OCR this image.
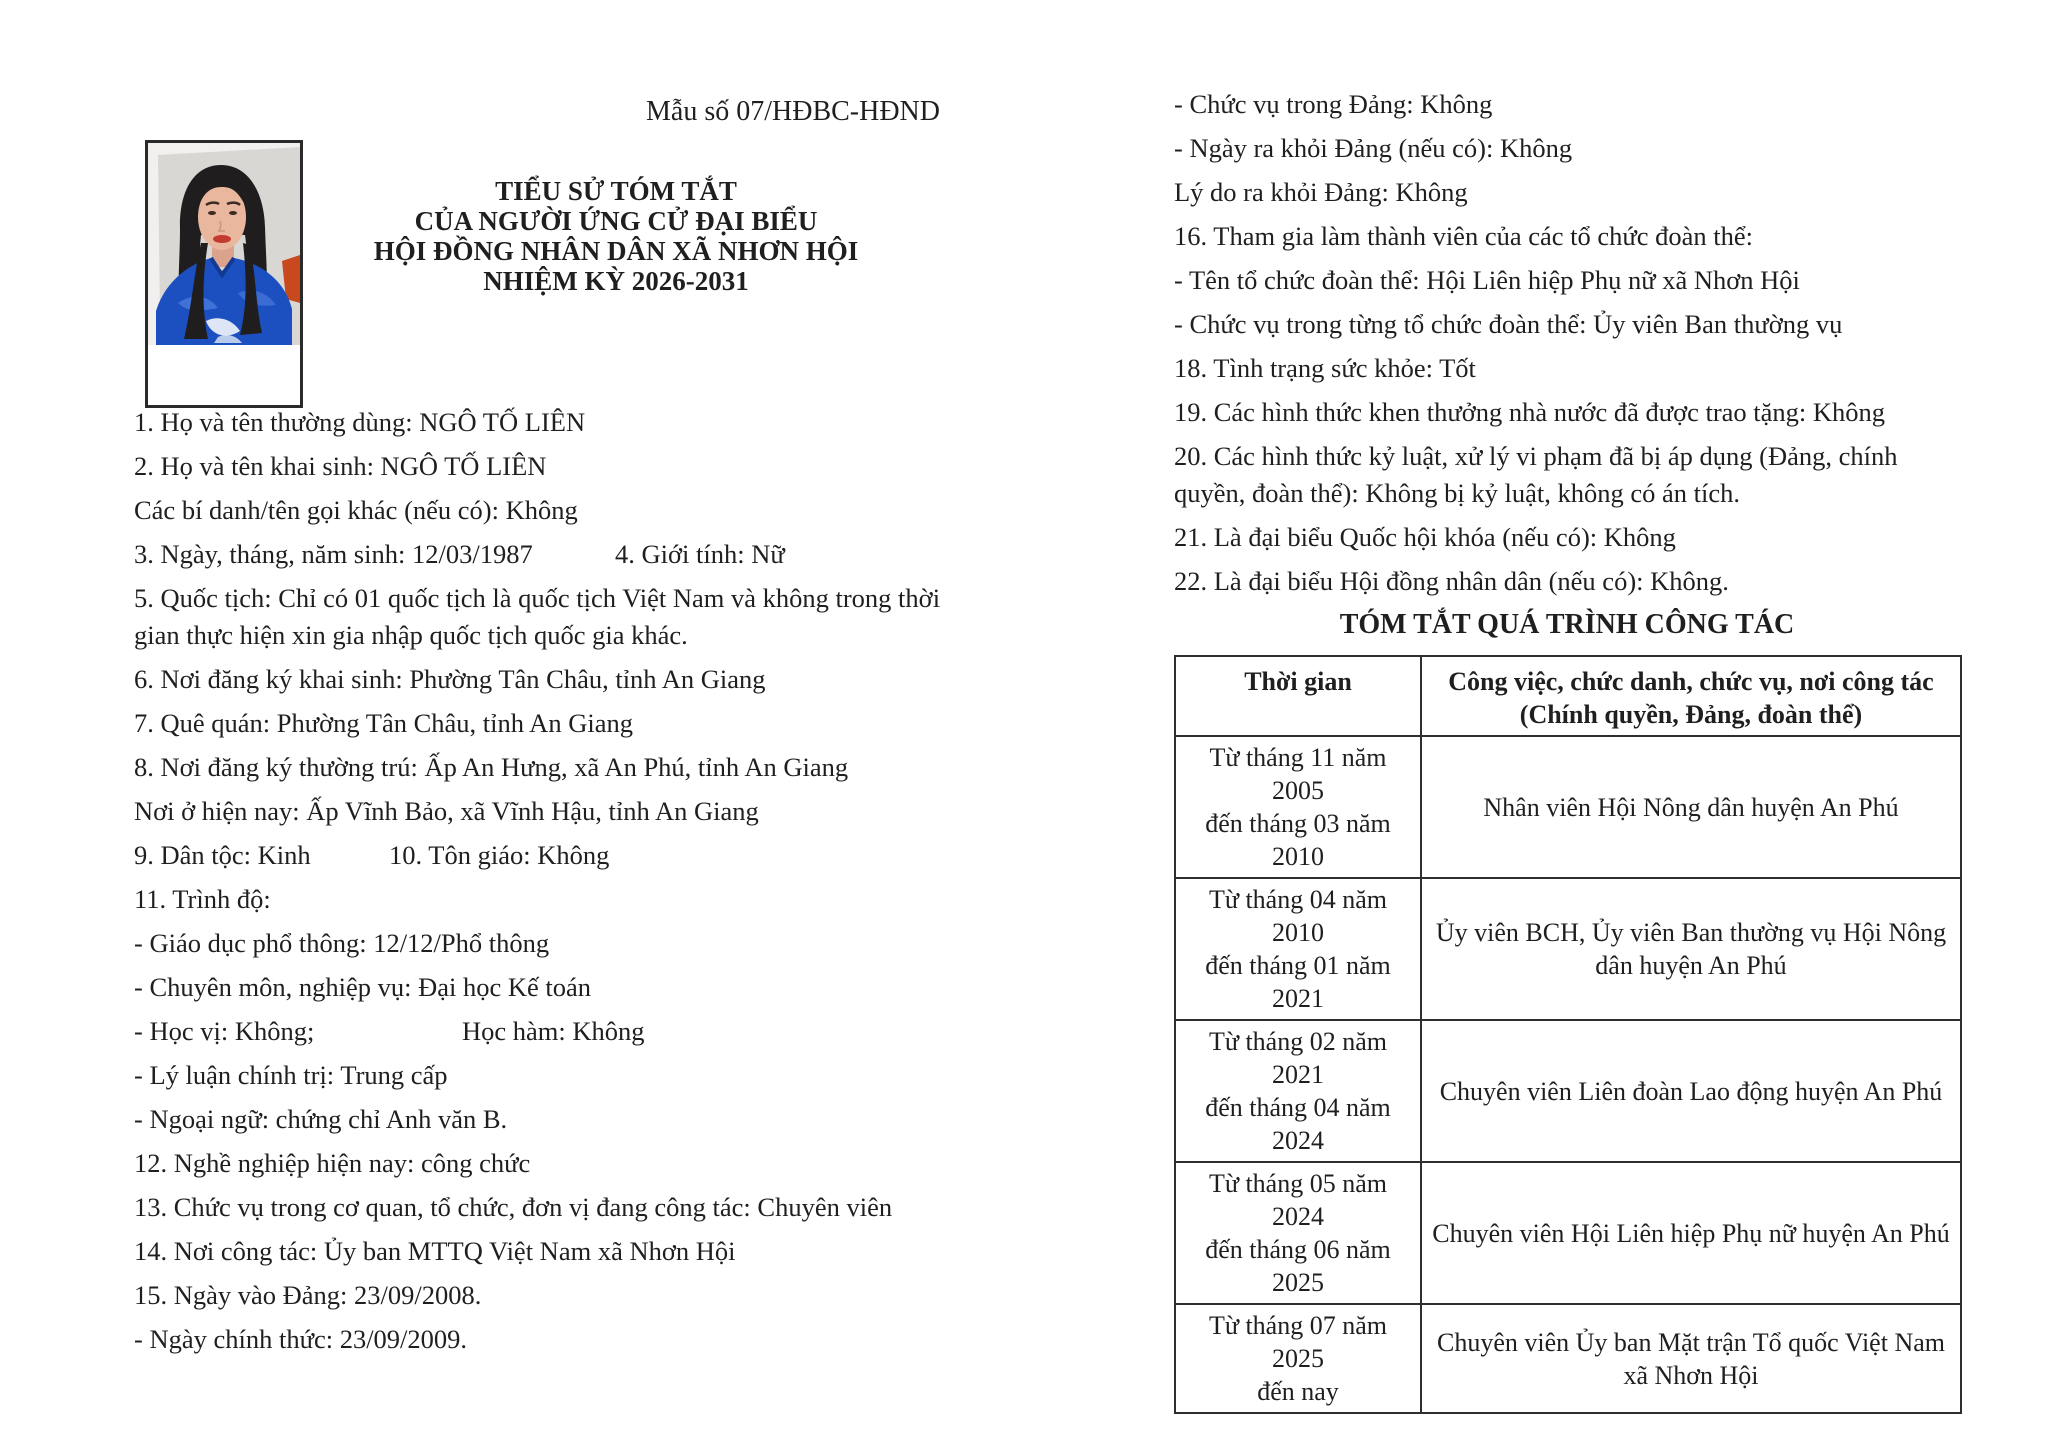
Mẫu số 07/HĐBC-HĐND
TIỂU SỬ TÓM TẮT
CỦA NGƯỜI ỨNG CỬ ĐẠI BIỂU
HỘI ĐỒNG NHÂN DÂN XÃ NHƠN HỘI
NHIỆM KỲ 2026-2031

1. Họ và tên thường dùng: NGÔ TỐ LIÊN

2. Họ và tên khai sinh: NGÔ TỐ LIÊN

Các bí danh/tên gọi khác (nếu có): Không

3. Ngày, tháng, năm sinh: 12/03/1987	4. Giới tính: Nữ

5. Quốc tịch: Chỉ có 01 quốc tịch là quốc tịch Việt Nam và không trong thời gian thực hiện xin gia nhập quốc tịch quốc gia khác.

6. Nơi đăng ký khai sinh: Phường Tân Châu, tỉnh An Giang

7. Quê quán: Phường Tân Châu, tỉnh An Giang

8. Nơi đăng ký thường trú: Ấp An Hưng, xã An Phú, tỉnh An Giang

Nơi ở hiện nay: Ấp Vĩnh Bảo, xã Vĩnh Hậu, tỉnh An Giang

9. Dân tộc: Kinh	10. Tôn giáo: Không

11. Trình độ:

- Giáo dục phổ thông: 12/12/Phổ thông

- Chuyên môn, nghiệp vụ: Đại học Kế toán

- Học vị: Không;	Học hàm: Không

- Lý luận chính trị: Trung cấp

- Ngoại ngữ: chứng chỉ Anh văn B.

12. Nghề nghiệp hiện nay: công chức

13. Chức vụ trong cơ quan, tổ chức, đơn vị đang công tác: Chuyên viên

14. Nơi công tác: Ủy ban MTTQ Việt Nam xã Nhơn Hội

15. Ngày vào Đảng: 23/09/2008.

- Ngày chính thức: 23/09/2009.

- Chức vụ trong Đảng: Không

- Ngày ra khỏi Đảng (nếu có): Không

Lý do ra khỏi Đảng: Không

16. Tham gia làm thành viên của các tổ chức đoàn thể:

- Tên tổ chức đoàn thể: Hội Liên hiệp Phụ nữ xã Nhơn Hội

- Chức vụ trong từng tổ chức đoàn thể: Ủy viên Ban thường vụ

18. Tình trạng sức khỏe: Tốt

19. Các hình thức khen thưởng nhà nước đã được trao tặng: Không

20. Các hình thức kỷ luật, xử lý vi phạm đã bị áp dụng (Đảng, chính quyền, đoàn thể): Không bị kỷ luật, không có án tích.

21. Là đại biểu Quốc hội khóa (nếu có): Không

22. Là đại biểu Hội đồng nhân dân (nếu có): Không.

TÓM TẮT QUÁ TRÌNH CÔNG TÁC
Thời gian	Công việc, chức danh, chức vụ, nơi công tác
(Chính quyền, Đảng, đoàn thể)

Từ tháng 11 năm 2005
đến tháng 03 năm 2010	Nhân viên Hội Nông dân huyện An Phú

Từ tháng 04 năm 2010
đến tháng 01 năm 2021	Ủy viên BCH, Ủy viên Ban thường vụ Hội Nông dân huyện An Phú

Từ tháng 02 năm 2021
đến tháng 04 năm 2024	Chuyên viên Liên đoàn Lao động huyện An Phú

Từ tháng 05 năm 2024
đến tháng 06 năm 2025	Chuyên viên Hội Liên hiệp Phụ nữ huyện An Phú

Từ tháng 07 năm 2025
đến nay	Chuyên viên Ủy ban Mặt trận Tổ quốc Việt Nam xã Nhơn Hội
